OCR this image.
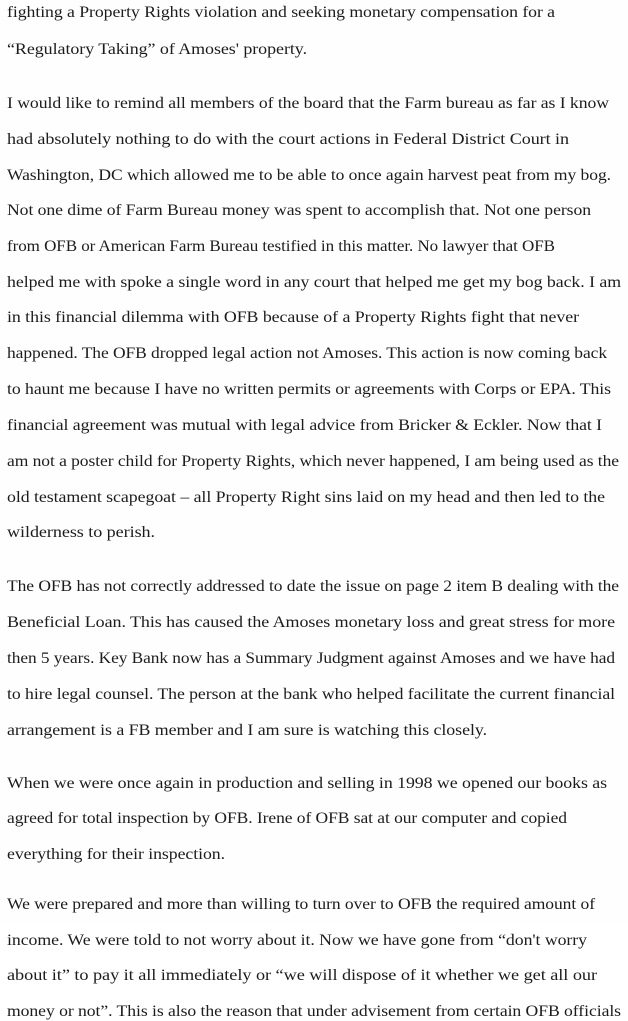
fighting a Property Rights violation and seeking monetary compensation for a
“Regulatory Taking” of Amoses' property.
I would like to remind all members of the board that the Farm bureau as far as I know
had absolutely nothing to do with the court actions in Federal District Court in
Washington, DC which allowed me to be able to once again harvest peat from my bog.
Not one dime of Farm Bureau money was spent to accomplish that. Not one person
from OFB or American Farm Bureau testified in this matter. No lawyer that OFB
helped me with spoke a single word in any court that helped me get my bog back. I am
in this financial dilemma with OFB because of a Property Rights fight that never
happened. The OFB dropped legal action not Amoses. This action is now coming back
to haunt me because I have no written permits or agreements with Corps or EPA. This
financial agreement was mutual with legal advice from Bricker & Eckler. Now that I
am not a poster child for Property Rights, which never happened, I am being used as the
old testament scapegoat – all Property Right sins laid on my head and then led to the
wilderness to perish.
The OFB has not correctly addressed to date the issue on page 2 item B dealing with the
Beneficial Loan. This has caused the Amoses monetary loss and great stress for more
then 5 years. Key Bank now has a Summary Judgment against Amoses and we have had
to hire legal counsel. The person at the bank who helped facilitate the current financial
arrangement is a FB member and I am sure is watching this closely.
When we were once again in production and selling in 1998 we opened our books as
agreed for total inspection by OFB. Irene of OFB sat at our computer and copied
everything for their inspection.
We were prepared and more than willing to turn over to OFB the required amount of
income. We were told to not worry about it. Now we have gone from “don't worry
about it” to pay it all immediately or “we will dispose of it whether we get all our
money or not”. This is also the reason that under advisement from certain OFB officials
